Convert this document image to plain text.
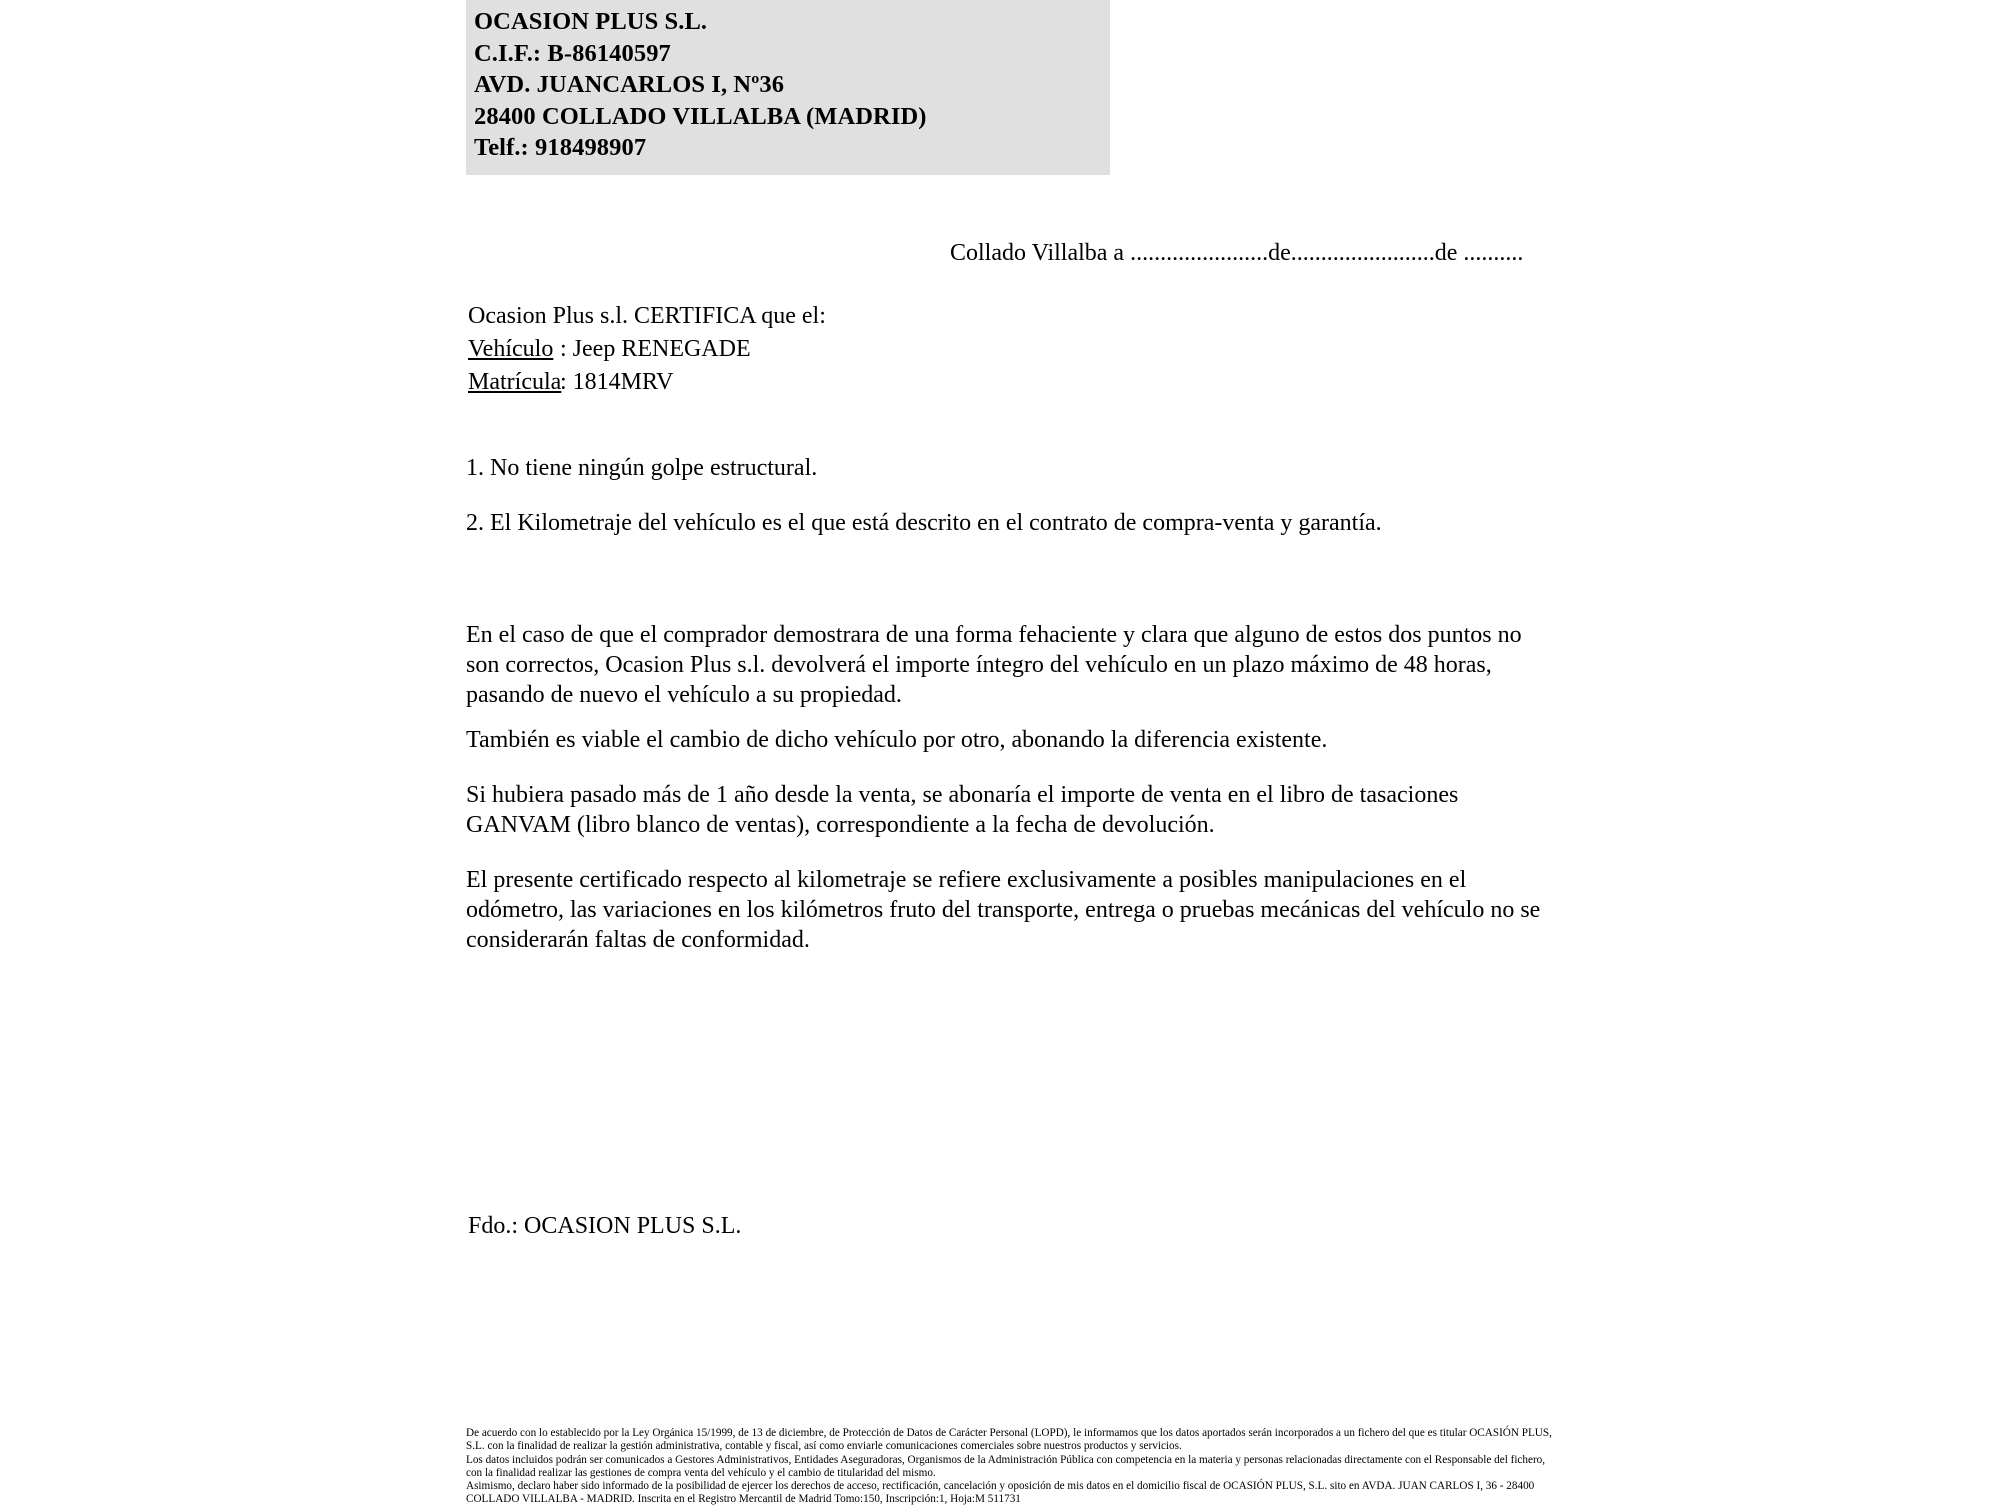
OCASION PLUS S.L.
C.I.F.: B-86140597
AVD. JUANCARLOS I, Nº36
28400 COLLADO VILLALBA (MADRID)
Telf.: 918498907
Collado Villalba a .......................de........................de ..........
Ocasion Plus s.l. CERTIFICA que el:
Vehículo : Jeep RENEGADE
Matrícula: 1814MRV
1. No tiene ningún golpe estructural.
2. El Kilometraje del vehículo es el que está descrito en el contrato de compra-venta y garantía.
En el caso de que el comprador demostrara de una forma fehaciente y clara que alguno de estos dos puntos no son correctos, Ocasion Plus s.l. devolverá el importe íntegro del vehículo en un plazo máximo de 48 horas, pasando de nuevo el vehículo a su propiedad.
También es viable el cambio de dicho vehículo por otro, abonando la diferencia existente.
Si hubiera pasado más de 1 año desde la venta, se abonaría el importe de venta en el libro de tasaciones GANVAM (libro blanco de ventas), correspondiente a la fecha de devolución.
El presente certificado respecto al kilometraje se refiere exclusivamente a posibles manipulaciones en el odómetro, las variaciones en los kilómetros fruto del transporte, entrega o pruebas mecánicas del vehículo no se considerarán faltas de conformidad.
Fdo.: OCASION PLUS S.L.

De acuerdo con lo establecido por la Ley Orgánica 15/1999, de 13 de diciembre, de Protección de Datos de Carácter Personal (LOPD), le informamos que los datos aportados serán incorporados a un fichero del que es titular OCASIÓN PLUS, S.L. con la finalidad de realizar la gestión administrativa, contable y fiscal, así como enviarle comunicaciones comerciales sobre nuestros productos y servicios.

Los datos incluidos podrán ser comunicados a Gestores Administrativos, Entidades Aseguradoras, Organismos de la Administración Pública con competencia en la materia y personas relacionadas directamente con el Responsable del fichero, con la finalidad realizar las gestiones de compra venta del vehículo y el cambio de titularidad del mismo.

Asimismo, declaro haber sido informado de la posibilidad de ejercer los derechos de acceso, rectificación, cancelación y oposición de mis datos en el domicilio fiscal de OCASIÓN PLUS, S.L. sito en AVDA. JUAN CARLOS I, 36 - 28400 COLLADO VILLALBA - MADRID. Inscrita en el Registro Mercantil de Madrid Tomo:150, Inscripción:1, Hoja:M 511731
